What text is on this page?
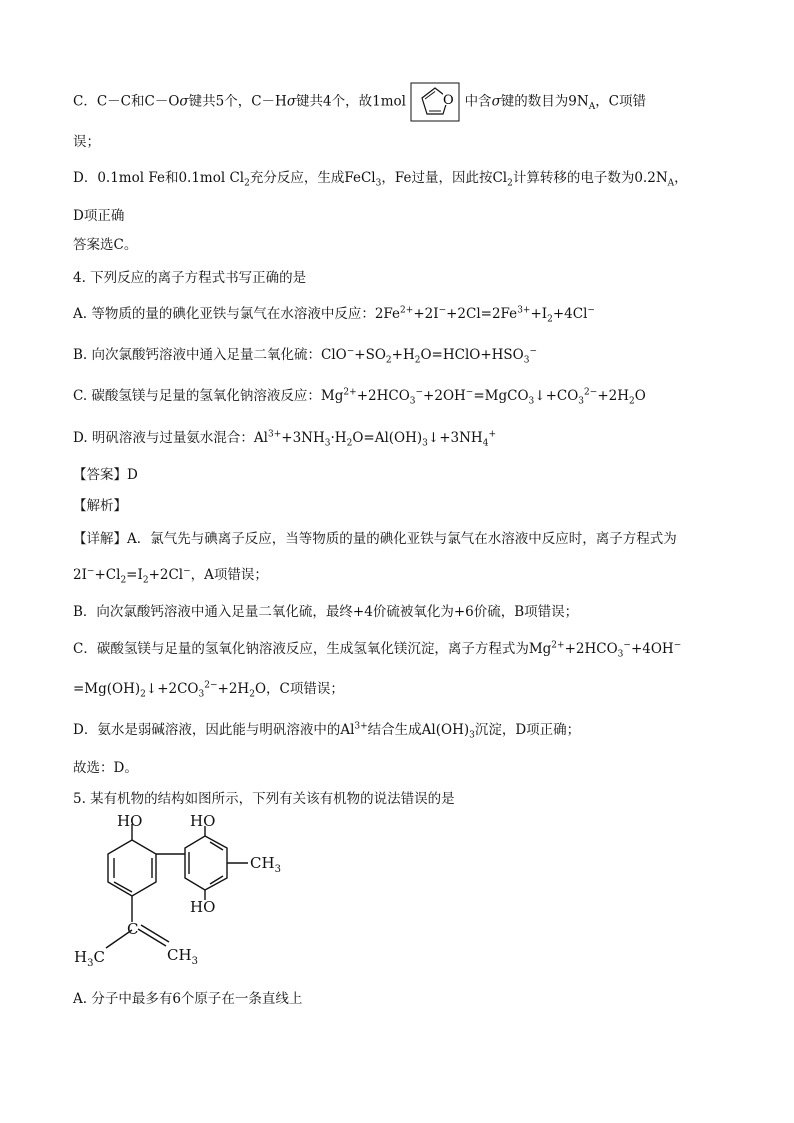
C．C－C和C－Oσ键共5个，C－Hσ键共4个，故1mol	O 中含σ键的数目为$9N_A$，C项错
误；
D．0.1mol Fe和0.1mol $Cl_2$充分反应，生成FeCl$_3$，Fe过量，因此按$Cl_2$计算转移的电子数为$0.2N_A$，
D项正确
答案选C。
4. 下列反应的离子方程式书写正确的是
A. 等物质的量的碘化亚铁与氯气在水溶液中反应：$2Fe^{2+}+2I^-+2Cl=2Fe^{3+}+I_2+4Cl^-$
B. 向次氯酸钙溶液中通入足量二氧化硫：$ClO^-+SO_2+H_2O=HClO+HSO_3^-$
C. 碳酸氢镁与足量的氢氧化钠溶液反应：$Mg^{2+}+2HCO_3^-+2OH^-=MgCO_3↓+CO_3^{2-}+2H_2O$
D. 明矾溶液与过量氨水混合：$Al^{3+}+3NH_3\cdot H_2O=Al(OH)_3↓+3NH_4^+$
【答案】D
【解析】
【详解】A．氯气先与碘离子反应，当等物质的量的碘化亚铁与氯气在水溶液中反应时，离子方程式为
$2I^-+Cl_2=I_2+2Cl^-$，A项错误；
B．向次氯酸钙溶液中通入足量二氧化硫，最终+4价硫被氧化为+6价硫，B项错误；
C．碳酸氢镁与足量的氢氧化钠溶液反应，生成氢氧化镁沉淀，离子方程式为$Mg^{2+}+2HCO_3^-+4OH^-$
$=Mg(OH)_2↓+2CO_3^{2-}+2H_2O$，C项错误；
D．氨水是弱碱溶液，因此能与明矾溶液中的$Al^{3+}$结合生成$Al(OH)_3$沉淀，D项正确；
故选：D。
5. 某有机物的结构如图所示，下列有关该有机物的说法错误的是
HO	HO
HO
$CH_3$
C
$H_3C$	$CH_3$
A. 分子中最多有6个原子在一条直线上
